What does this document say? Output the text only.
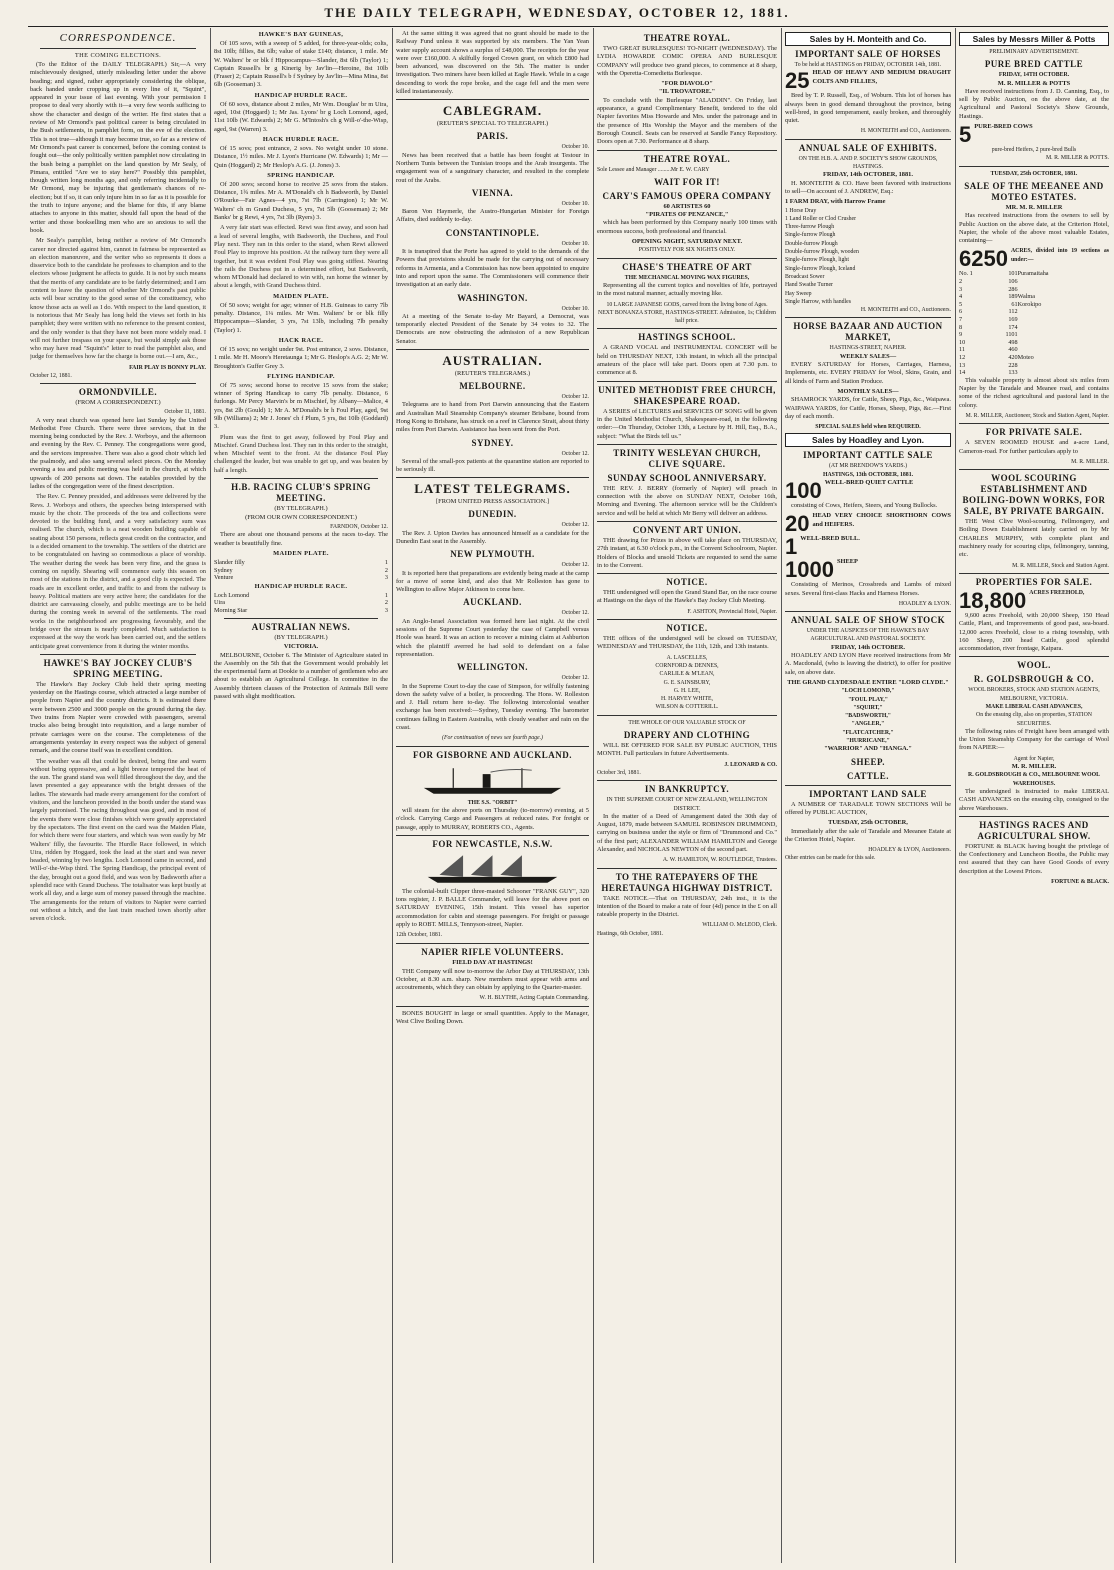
THE DAILY TELEGRAPH, WEDNESDAY, OCTOBER 12, 1881.
CORRESPONDENCE.
THE COMING ELECTIONS.

(To the Editor of the DAILY TELEGRAPH.) Sir,—A very mischievously designed, utterly misleading letter under the above heading; and signed, rather appropriately considering the oblique, back handed under cropping up in every line of it, "Squint", appeared in your issue of last evening. With your permission I propose to deal very shortly with it—a very few words sufficing to show the character and design of the writer. He first states that a review of Mr Ormond's past political career is being circulated in the Bush settlements, in pamphlet form, on the eve of the election. This is not true—although it may become true, so far as a review of Mr Ormond's past career is concerned, before the coming contest is fought out—the only politically written pamphlet now circulating in the bush being a pamphlet on the land question by Mr Sealy, of Pimara, entitled "Are we to stay here?" Possibly this pamphlet, though written long months ago, and only referring incidentally to Mr Ormond, may be injuring that gentleman's chances of re-election; but if so, it can only injure him in so far as it is possible for the truth to injure anyone; and the blame for this, if any blame attaches to anyone in this matter, should fall upon the head of the writer and those bookselling men who are so anxious to sell the book.

Mr Sealy's pamphlet, being neither a review of Mr Ormond's career nor directed against him, cannot in fairness be represented as an election manœuvre, and the writer who so represents it does a disservice both to the candidate he professes to champion and to the electors whose judgment he affects to guide. It is not by such means that the merits of any candidate are to be fairly determined; and I am content to leave the question of whether Mr Ormond's past public acts will bear scrutiny to the good sense of the constituency, who know those acts as well as I do. With respect to the land question, it is notorious that Mr Sealy has long held the views set forth in his pamphlet; they were written with no reference to the present contest, and the only wonder is that they have not been more widely read. I will not further trespass on your space, but would simply ask those who may have read "Squint's" letter to read the pamphlet also, and judge for themselves how far the charge is borne out.—I am, &c.,

FAIR PLAY IS BONNY PLAY.
October 12, 1881.
ORMONDVILLE.
(FROM A CORRESPONDENT.)
October 11, 1881.

A very neat church was opened here last Sunday by the United Methodist Free Church. There were three services, that in the morning being conducted by the Rev. J. Worboys, and the afternoon and evening by the Rev. C. Penney. The congregations were good, and the services impressive. There was also a good choir which led the psalmody, and also sang several select pieces. On the Monday evening a tea and public meeting was held in the church, at which upwards of 200 persons sat down. The eatables provided by the ladies of the congregation were of the finest description.

The Rev. C. Penney presided, and addresses were delivered by the Revs. J. Worboys and others, the speeches being interspersed with music by the choir. The proceeds of the tea and collections were devoted to the building fund, and a very satisfactory sum was realised. The church, which is a neat wooden building capable of seating about 150 persons, reflects great credit on the contractor, and is a decided ornament to the township. The settlers of the district are to be congratulated on having so commodious a place of worship. The weather during the week has been very fine, and the grass is coming on rapidly. Shearing will commence early this season on most of the stations in the district, and a good clip is expected. The roads are in excellent order, and traffic to and from the railway is heavy. Political matters are very active here; the candidates for the district are canvassing closely, and public meetings are to be held during the coming week in several of the settlements. The road works in the neighbourhood are progressing favourably, and the bridge over the stream is nearly completed. Much satisfaction is expressed at the way the work has been carried out, and the settlers anticipate great convenience from it during the winter months.

HAWKE'S BAY JOCKEY CLUB'S SPRING MEETING.

The Hawke's Bay Jockey Club held their spring meeting yesterday on the Hastings course, which attracted a large number of people from Napier and the country districts. It is estimated there were between 2500 and 3000 people on the ground during the day. Two trains from Napier were crowded with passengers, several trucks also being brought into requisition, and a large number of private carriages were on the course. The completeness of the arrangements yesterday in every respect was the subject of general remark, and the course itself was in excellent condition.

The weather was all that could be desired, being fine and warm without being oppressive, and a light breeze tempered the heat of the sun. The grand stand was well filled throughout the day, and the lawn presented a gay appearance with the bright dresses of the ladies. The stewards had made every arrangement for the comfort of visitors, and the luncheon provided in the booth under the stand was largely patronised. The racing throughout was good, and in most of the events there were close finishes which were greatly appreciated by the spectators. The first event on the card was the Maiden Plate, for which there were four starters, and which was won easily by Mr Walters' filly, the favourite. The Hurdle Race followed, in which Uira, ridden by Hoggard, took the lead at the start and was never headed, winning by two lengths. Loch Lomond came in second, and Will-o'-the-Wisp third. The Spring Handicap, the principal event of the day, brought out a good field, and was won by Badsworth after a splendid race with Grand Duchess. The totalisator was kept busily at work all day, and a large sum of money passed through the machine. The arrangements for the return of visitors to Napier were carried out without a hitch, and the last train reached town shortly after seven o'clock.

HAWKE'S BAY GUINEAS,

Of 105 sovs, with a sweep of 5 added, for three-year-olds; colts, 8st 10lb; fillies, 8st 6lb; value of stake £140; distance, 1 mile. Mr W. Walters' br or blk f Hippocampus—Slander, 8st 6lb (Taylor) 1; Captain Russell's br g Kinerig by Jav'lin—Heroine, 8st 10lb (Fraser) 2; Captain Russell's b f Sydney by Jav'lin—Mina Mina, 8st 6lb (Gooseman) 3.

HANDICAP HURDLE RACE.

Of 60 sovs, distance about 2 miles, Mr Wm. Douglas' br m Uira, aged, 10st (Hoggard) 1; Mr Jas. Lyons' br g Loch Lomond, aged, 11st 10lb (W. Edwards) 2; Mr G. M'Intosh's ch g Will-o'-the-Wisp, aged, 9st (Warren) 3.

HACK HURDLE RACE.

Of 15 sovs; post entrance, 2 sovs. No weight under 10 stone. Distance, 1½ miles. Mr J. Lyon's Hurricane (W. Edwards) 1; Mr — Quin (Hoggard) 2; Mr Heslop's A.G. (J. Jones) 3.

SPRING HANDICAP.

Of 200 sovs; second horse to receive 25 sovs from the stakes. Distance, 1¾ miles. Mr A. M'Donald's ch h Badsworth, by Daniel O'Rourke—Fair Agnes—4 yrs, 7st 7lb (Carrington) 1; Mr W. Walters' ch m Grand Duchess, 5 yrs, 7st 5lb (Gooseman) 2; Mr Banks' br g Rewi, 4 yrs, 7st 3lb (Ryers) 3.

A very fair start was effected. Rewi was first away, and soon had a lead of several lengths, with Badsworth, the Duchess, and Foul Play next. They ran in this order to the stand, when Rewi allowed Foul Play to improve his position. At the railway turn they were all together, but it was evident Foul Play was going stiffest. Nearing the rails the Duchess put in a determined effort, but Badsworth, whom M'Donald had declared to win with, ran home the winner by about a length, with Grand Duchess third.

MAIDEN PLATE.

Of 50 sovs; weight for age; winner of H.B. Guineas to carry 7lb penalty. Distance, 1¼ miles. Mr Wm. Walters' br or blk filly Hippocampus—Slander, 3 yrs, 7st 13lb, including 7lb penalty (Taylor) 1.

HACK RACE.

Of 15 sovs; no weight under 9st. Post entrance, 2 sovs. Distance, 1 mile. Mr H. Moore's Heretaunga 1; Mr G. Heslop's A.G. 2; Mr W. Broughton's Guffer Grey 3.

FLYING HANDICAP.

Of 75 sovs; second horse to receive 15 sovs from the stake; winner of Spring Handicap to carry 7lb penalty. Distance, 6 furlongs. Mr Percy Marvin's br m Mischief, by Albany—Malice, 4 yrs, 8st 2lb (Gould) 1; Mr A. M'Donald's br h Foul Play, aged, 9st 9lb (Williams) 2; Mr J. Jones' ch f Plum, 5 yrs, 8st 10lb (Goddard) 3.

Plum was the first to get away, followed by Foul Play and Mischief. Grand Duchess lost. They ran in this order to the straight, when Mischief went to the front. At the distance Foul Play challenged the leader, but was unable to get up, and was beaten by half a length.

H.B. RACING CLUB'S SPRING MEETING.
(BY TELEGRAPH.)
(FROM OUR OWN CORRESPONDENT.)
FARNDON, October 12.

There are about one thousand persons at the races to-day. The weather is beautifully fine.

MAIDEN PLATE.
Slander filly	1
Sydney	2
Venture	3
HANDICAP HURDLE RACE.
Loch Lomond	1
Uira	2
Morning Star	3
AUSTRALIAN NEWS.
(BY TELEGRAPH.)
VICTORIA.

MELBOURNE, October 6. The Minister of Agriculture stated in the Assembly on the 5th that the Government would probably let the experimental farm at Dookie to a number of gentlemen who are about to establish an Agricultural College. In committee in the Assembly thirteen clauses of the Protection of Animals Bill were passed with slight modification.

At the same sitting it was agreed that no grant should be made to the Railway Fund unless it was supported by six members. The Yan Yean water supply account shows a surplus of £48,000. The receipts for the year were over £160,000. A skilfully forged Crown grant, on which £800 had been advanced, was discovered on the 5th. The matter is under investigation. Two miners have been killed at Eagle Hawk. While in a cage descending to work the rope broke, and the cage fell and the men were killed instantaneously.

CABLEGRAM.
(REUTER'S SPECIAL TO TELEGRAPH.)
PARIS.
October 10.

News has been received that a battle has been fought at Testour in Northern Tunis between the Tunisian troops and the Arab insurgents. The engagement was of a sanguinary character, and resulted in the complete rout of the Arabs.

VIENNA.
October 10.

Baron Von Haymerle, the Austro-Hungarian Minister for Foreign Affairs, died suddenly to-day.

CONSTANTINOPLE.
October 10.

It is transpired that the Porte has agreed to yield to the demands of the Powers that provisions should be made for the carrying out of necessary reforms in Armenia, and a Commission has now been appointed to enquire into and report upon the same. The Commissioners will commence their investigation at an early date.

WASHINGTON.
October 10.

At a meeting of the Senate to-day Mr Bayard, a Democrat, was temporarily elected President of the Senate by 34 votes to 32. The Democrats are now obstructing the admission of a new Republican Senator.

AUSTRALIAN.
(REUTER'S TELEGRAMS.)
MELBOURNE.
October 12.

Telegrams are to hand from Port Darwin announcing that the Eastern and Australian Mail Steamship Company's steamer Brisbane, bound from Hong Kong to Brisbane, has struck on a reef in Clarence Strait, about thirty miles from Port Darwin. Assistance has been sent from the Port.

SYDNEY.
October 12.

Several of the small-pox patients at the quarantine station are reported to be seriously ill.

LATEST TELEGRAMS.
[FROM UNITED PRESS ASSOCIATION.]
DUNEDIN.
October 12.

The Rev. J. Upton Davies has announced himself as a candidate for the Dunedin East seat in the Assembly.

NEW PLYMOUTH.
October 12.

It is reported here that preparations are evidently being made at the camp for a move of some kind, and also that Mr Rolleston has gone to Wellington to allow Major Atkinson to come here.

AUCKLAND.
October 12.

An Anglo-Israel Association was formed here last night. At the civil sessions of the Supreme Court yesterday the case of Campbell versus Hoole was heard. It was an action to recover a mining claim at Ashburton which the plaintiff averred he had sold to defendant on a false representation.

WELLINGTON.
October 12.

In the Supreme Court to-day the case of Simpson, for wilfully fastening down the safety valve of a boiler, is proceeding. The Hons. W. Rolleston and J. Hall return here to-day. The following intercolonial weather exchange has been received:—Sydney, Tuesday evening. The barometer continues falling in Eastern Australia, with cloudy weather and rain on the coast.

(For continuation of news see fourth page.)
FOR GISBORNE AND AUCKLAND.
THE S.S. "ORBIT"

will steam for the above ports on Thursday (to-morrow) evening, at 5 o'clock. Carrying Cargo and Passengers at reduced rates. For freight or passage, apply to MURRAY, ROBERTS CO., Agents.

FOR NEWCASTLE, N.S.W.

The colonial-built Clipper three-masted Schooner "FRANK GUY", 320 tons register, J. P. BALLE Commander, will leave for the above port on SATURDAY EVENING, 15th instant. This vessel has superior accommodation for cabin and steerage passengers. For freight or passage apply to ROBT. MILLS, Tennyson-street, Napier.

12th October, 1881.
NAPIER RIFLE VOLUNTEERS.
FIELD DAY AT HASTINGS!

THE Company will now to-morrow the Arbor Day at THURSDAY, 13th October, at 8.30 a.m. sharp. New members must appear with arms and accoutrements, which they can obtain by applying to the Quarter-master.

W. H. BLYTHE, Acting Captain Commanding.

BONES BOUGHT in large or small quantities. Apply to the Manager, West Clive Boiling Down.

THEATRE ROYAL.

TWO GREAT BURLESQUES! TO-NIGHT (WEDNESDAY). The LYDIA HOWARDE COMIC OPERA AND BURLESQUE COMPANY will produce two grand pieces, to commence at 8 sharp, with the Operetta-Comedietta Burlesque.

"FOR DIAVOLO"
"IL TROVATORE."

To conclude with the Burlesque "ALADDIN". On Friday, last appearance, a grand Complimentary Benefit, tendered to the old Napier favorites Miss Howarde and Mrs. under the patronage and in the presence of His Worship the Mayor and the members of the Borough Council. Seats can be reserved at Sandle Fancy Repository. Doors open at 7.30. Performance at 8 sharp.

THEATRE ROYAL.
Sole Lessee and Manager .........Mr E. W. CARY
WAIT FOR IT!
CARY'S FAMOUS OPERA COMPANY
60 ARTISTES 60
"PIRATES OF PENZANCE,"

which has been performed by this Company nearly 100 times with enormous success, both professional and financial.

OPENING NIGHT, SATURDAY NEXT.
POSITIVELY FOR SIX NIGHTS ONLY.
CHASE'S THEATRE OF ART
THE MECHANICAL MOVING WAX FIGURES,

Representing all the current topics and novelties of life, portrayed in the most natural manner, actually moving like.

10 LARGE JAPANESE GODS, carved from the living bone of Ages.
NEXT BONANZA STORE, HASTINGS-STREET. Admission, 1s; Children half price.
HASTINGS SCHOOL.

A GRAND VOCAL and INSTRUMENTAL CONCERT will be held on THURSDAY NEXT, 13th instant, in which all the principal amateurs of the place will take part. Doors open at 7.30 p.m. to commence at 8.

UNITED METHODIST FREE CHURCH, SHAKESPEARE ROAD.

A SERIES of LECTURES and SERVICES OF SONG will be given in the United Methodist Church, Shakespeare-road, in the following order:—On Thursday, October 13th, a Lecture by H. Hill, Esq., B.A., subject: "What the Birds tell us."

TRINITY WESLEYAN CHURCH, CLIVE SQUARE.
SUNDAY SCHOOL ANNIVERSARY.

THE REV. J. BERRY (formerly of Napier) will preach in connection with the above on SUNDAY NEXT, October 16th, Morning and Evening. The afternoon service will be the Children's service and will be held at which Mr Berry will deliver an address.

CONVENT ART UNION.

THE drawing for Prizes in above will take place on THURSDAY, 27th instant, at 6.30 o'clock p.m., in the Convent Schoolroom, Napier. Holders of Blocks and unsold Tickets are requested to send the same in to the Convent.

NOTICE.

THE undersigned will open the Grand Stand Bar, on the race course at Hastings on the days of the Hawke's Bay Jockey Club Meeting.

F. ASHTON, Provincial Hotel, Napier.
NOTICE.

THE offices of the undersigned will be closed on TUESDAY, WEDNESDAY and THURSDAY, the 11th, 12th, and 13th instants.

A. LASCELLES,
CORNFORD & DENNES,
CARLILE & M'LEAN,
G. E. SAINSBURY,
G. H. LEE,
H. HARVEY WHITE,
WILSON & COTTERILL.
THE WHOLE OF OUR VALUABLE STOCK OF
DRAPERY AND CLOTHING

WILL BE OFFERED FOR SALE BY PUBLIC AUCTION, THIS MONTH. Full particulars in future Advertisements.

J. LEONARD & CO.
October 3rd, 1881.
IN BANKRUPTCY.
IN THE SUPREME COURT OF NEW ZEALAND, WELLINGTON DISTRICT.

In the matter of a Deed of Arrangement dated the 30th day of August, 1879, made between SAMUEL ROBINSON DRUMMOND, carrying on business under the style or firm of "Drummond and Co." of the first part; ALEXANDER WILLIAM HAMILTON and George Alexander, and NICHOLAS NEWTON of the second part.

A. W. HAMILTON, W. ROUTLEDGE, Trustees.
TO THE RATEPAYERS OF THE HERETAUNGA HIGHWAY DISTRICT.

TAKE NOTICE.—That on THURSDAY, 24th inst., it is the intention of the Board to make a rate of four (4d) pence in the £ on all rateable property in the District.

WILLIAM O. McLEOD, Clerk.
Hastings, 6th October, 1881.
Sales by H. Monteith and Co.
IMPORTANT SALE OF HORSES
To be held at HASTINGS on FRIDAY, OCTOBER 14th, 1881.
25 HEAD OF HEAVY AND MEDIUM DRAUGHT COLTS AND FILLIES,

Bred by T. P. Russell, Esq., of Woburn. This lot of horses has always been in good demand throughout the province, being well-bred, in good temperament, easily broken, and thoroughly quiet.

H. MONTEITH and CO., Auctioneers.
ANNUAL SALE OF EXHIBITS.
ON THE H.B. A. AND P. SOCIETY'S SHOW GROUNDS, HASTINGS.
FRIDAY, 14th OCTOBER, 1881.

H. MONTEITH & CO. Have been favored with instructions to sell—On account of J. ANDREW, Esq.:

1 FARM DRAY, with Harrow Frame
1 Horse Dray
1 Land Roller or Clod Crusher
Three-furrow Plough
Single-furrow Plough
Double-furrow Plough
Double-furrow Plough, wooden
Single-furrow Plough, light
Single-furrow Plough, Iceland
Broadcast Sower
Hand Swathe Turner
Hay Sweep
Single Harrow, with handles
H. MONTEITH and CO., Auctioneers.
HORSE BAZAAR AND AUCTION MARKET,
HASTINGS-STREET, NAPIER.
WEEKLY SALES—

EVERY SATURDAY for Horses, Carriages, Harness, Implements, etc. EVERY FRIDAY for Wool, Skins, Grain, and all kinds of Farm and Station Produce.

MONTHLY SALES—

SHAMROCK YARDS, for Cattle, Sheep, Pigs, &c., Waipawa. WAIPAWA YARDS, for Cattle, Horses, Sheep, Pigs, &c.—First day of each month.

SPECIAL SALES held when REQUIRED.
Sales by Hoadley and Lyon.
IMPORTANT CATTLE SALE
(AT MR BRENDOW'S YARDS.)
HASTINGS, 13th OCTOBER, 1881.
100 WELL-BRED QUIET CATTLE

consisting of Cows, Heifers, Steers, and Young Bullocks.

20 HEAD VERY CHOICE SHORTHORN COWS and HEIFERS.
1 WELL-BRED BULL.
1000 SHEEP

Consisting of Merinos, Crossbreds and Lambs of mixed sexes. Several first-class Hacks and Harness Horses.

HOADLEY & LYON.
ANNUAL SALE OF SHOW STOCK
UNDER THE AUSPICES OF THE HAWKE'S BAY AGRICULTURAL AND PASTORAL SOCIETY.
FRIDAY, 14th OCTOBER.

HOADLEY AND LYON Have received instructions from Mr A. Macdonald, (who is leaving the district), to offer for positive sale, on above date.

THE GRAND CLYDESDALE ENTIRE "LORD CLYDE."
"LOCH LOMOND,"
"FOUL PLAY,"
"SQUIRT,"
"BADSWORTH,"
"ANGLER,"
"FLATCATCHER,"
"HURRICANE,"
"WARRIOR" AND "HANGA."
SHEEP.
CATTLE.
IMPORTANT LAND SALE

A NUMBER OF TARADALE TOWN SECTIONS Will be offered by PUBLIC AUCTION,

TUESDAY, 25th OCTOBER,

Immediately after the sale of Taradale and Meeanee Estate at the Criterion Hotel, Napier.

HOADLEY & LYON, Auctioneers.
Other entries can be made for this sale.
Sales by Messrs Miller & Potts
PRELIMINARY ADVERTISEMENT.
PURE BRED CATTLE
FRIDAY, 14TH OCTOBER.
M. R. MILLER & POTTS

Have received instructions from J. D. Canning, Esq., to sell by Public Auction, on the above date, at the Agricultural and Pastoral Society's Show Grounds, Hastings.

5 PURE-BRED COWS
pure-bred Heifers, 2 pure-bred Bulls
M. R. MILLER & POTTS.
TUESDAY, 25th OCTOBER, 1881.
SALE OF THE MEEANEE AND MOTEO ESTATES.
MR. M. R. MILLER

Has received instructions from the owners to sell by Public Auction on the above date, at the Criterion Hotel, Napier, the whole of the above most valuable Estates, containing—

6250 ACRES, divided into 19 sections as under:—
No. 1	101	Puramaitaha
2	106	
3	286	
4	189	Walma
5	61	Korokipo
6	112	
7	169	
8	174	
9	1101	
10	498	
11	460	
12	420	Moteo
13	228	
14	133	

This valuable property is almost about six miles from Napier by the Taradale and Meanee road, and contains some of the richest agricultural and pastoral land in the colony.

M. R. MILLER, Auctioneer, Stock and Station Agent, Napier.
FOR PRIVATE SALE.

A SEVEN ROOMED HOUSE and a-acre Land, Cameron-road. For further particulars apply to

M. R. MILLER.
WOOL SCOURING ESTABLISHMENT AND BOILING-DOWN WORKS, FOR SALE, BY PRIVATE BARGAIN.

THE West Clive Wool-scouring, Fellmongery, and Boiling Down Establishment lately carried on by Mr CHARLES MURPHY, with complete plant and machinery ready for scouring clips, fellmongery, tanning, etc.

M. R. MILLER, Stock and Station Agent.
PROPERTIES FOR SALE.
18,800 ACRES FREEHOLD,

9,600 acres Freehold, with 20,000 Sheep, 150 Head Cattle, Plant, and Improvements of good past, sea-board. 12,000 acres Freehold, close to a rising township, with 160 Sheep, 200 head Cattle, good splendid accommodation, river frontage, Kaipara.

WOOL.
R. GOLDSBROUGH & CO.
WOOL BROKERS, STOCK AND STATION AGENTS, MELBOURNE, VICTORIA.
MAKE LIBERAL CASH ADVANCES,
On the ensuing clip, also on properties, STATION SECURITIES.

The following rates of Freight have been arranged with the Union Steamship Company for the carriage of Wool from NAPIER:—

Agent for Napier,
M. R. MILLER.
R. GOLDSBROUGH & CO., MELBOURNE WOOL WAREHOUSES.

The undersigned is instructed to make LIBERAL CASH ADVANCES on the ensuing clip, consigned to the above Warehouses.

HASTINGS RACES AND AGRICULTURAL SHOW.

FORTUNE & BLACK having bought the privilege of the Confectionery and Luncheon Booths, the Public may rest assured that they can have Good Goods of every description at the Lowest Prices.

FORTUNE & BLACK.
